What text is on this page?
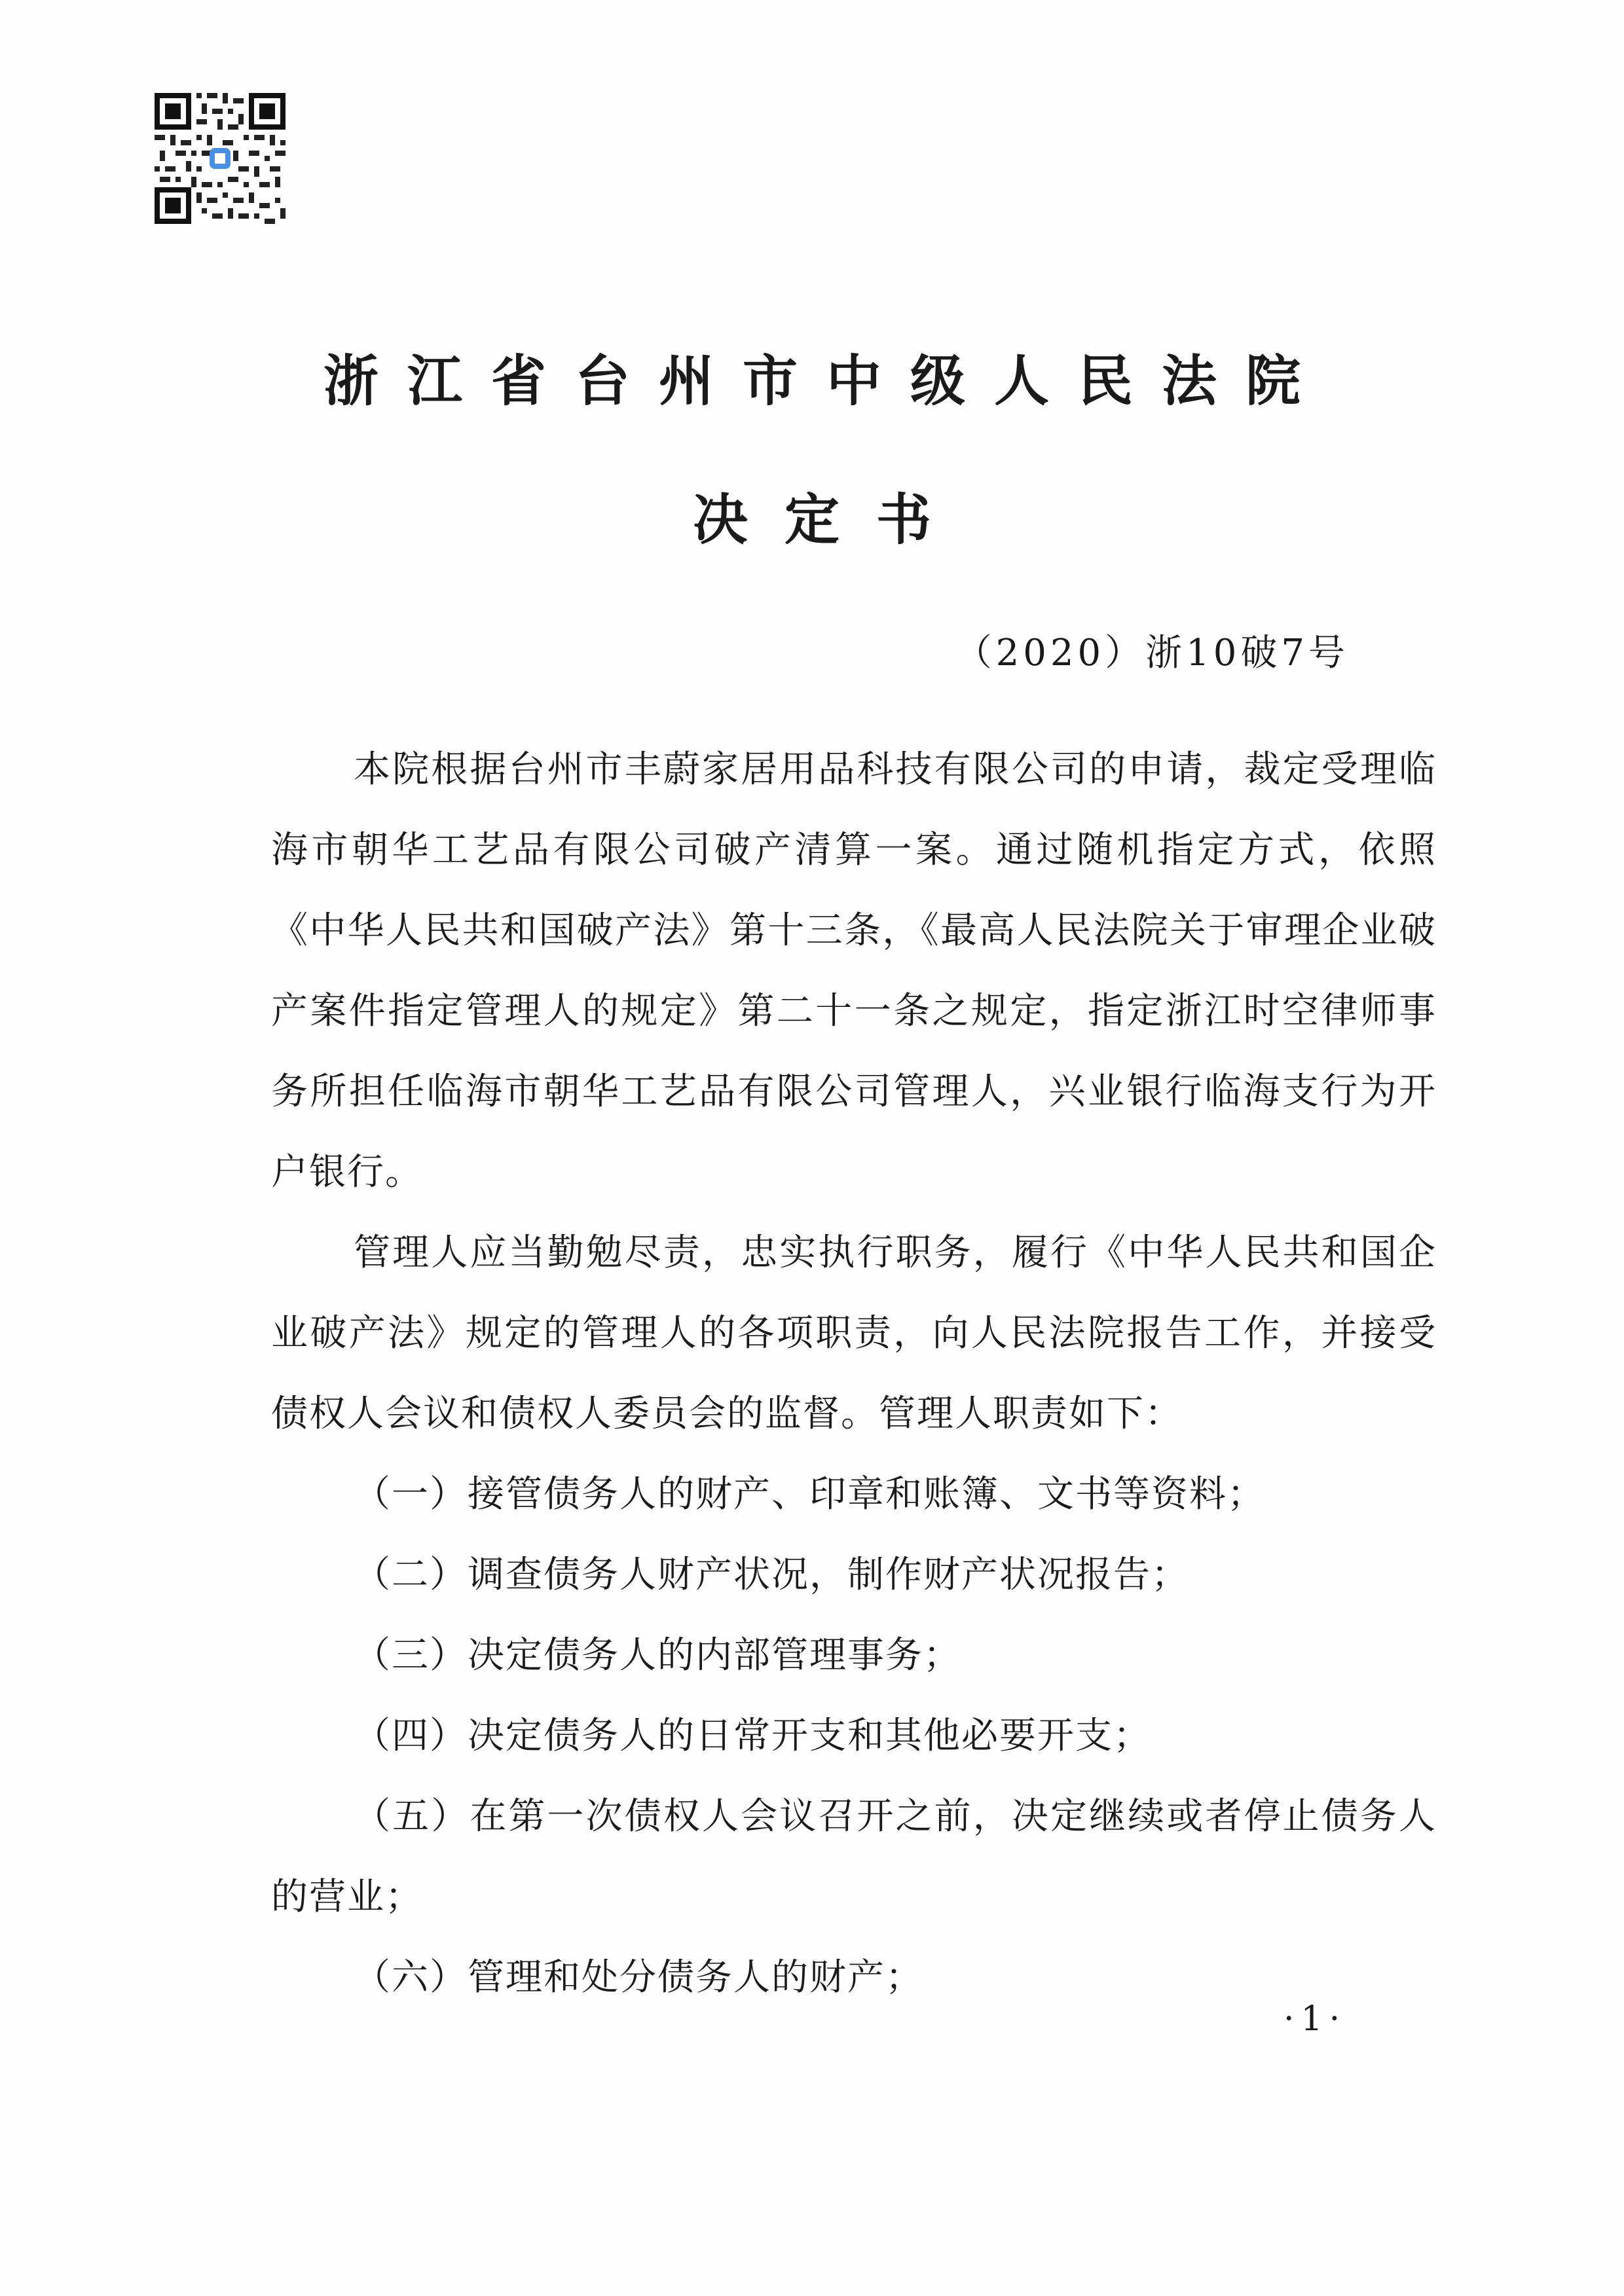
浙江省台州市中级人民法院
决定书
（2020）浙10破7号

本院根据台州市丰蔚家居用品科技有限公司的申请，裁定受理临海市朝华工艺品有限公司破产清算一案。通过随机指定方式，依照《中华人民共和国破产法》第十三条，《最高人民法院关于审理企业破产案件指定管理人的规定》第二十一条之规定，指定浙江时空律师事务所担任临海市朝华工艺品有限公司管理人，兴业银行临海支行为开户银行。

管理人应当勤勉尽责，忠实执行职务，履行《中华人民共和国企业破产法》规定的管理人的各项职责，向人民法院报告工作，并接受债权人会议和债权人委员会的监督。管理人职责如下：

（一）接管债务人的财产、印章和账簿、文书等资料；

（二）调查债务人财产状况，制作财产状况报告；

（三）决定债务人的内部管理事务；

（四）决定债务人的日常开支和其他必要开支；

（五）在第一次债权人会议召开之前，决定继续或者停止债务人的营业；

（六）管理和处分债务人的财产；

·1·
